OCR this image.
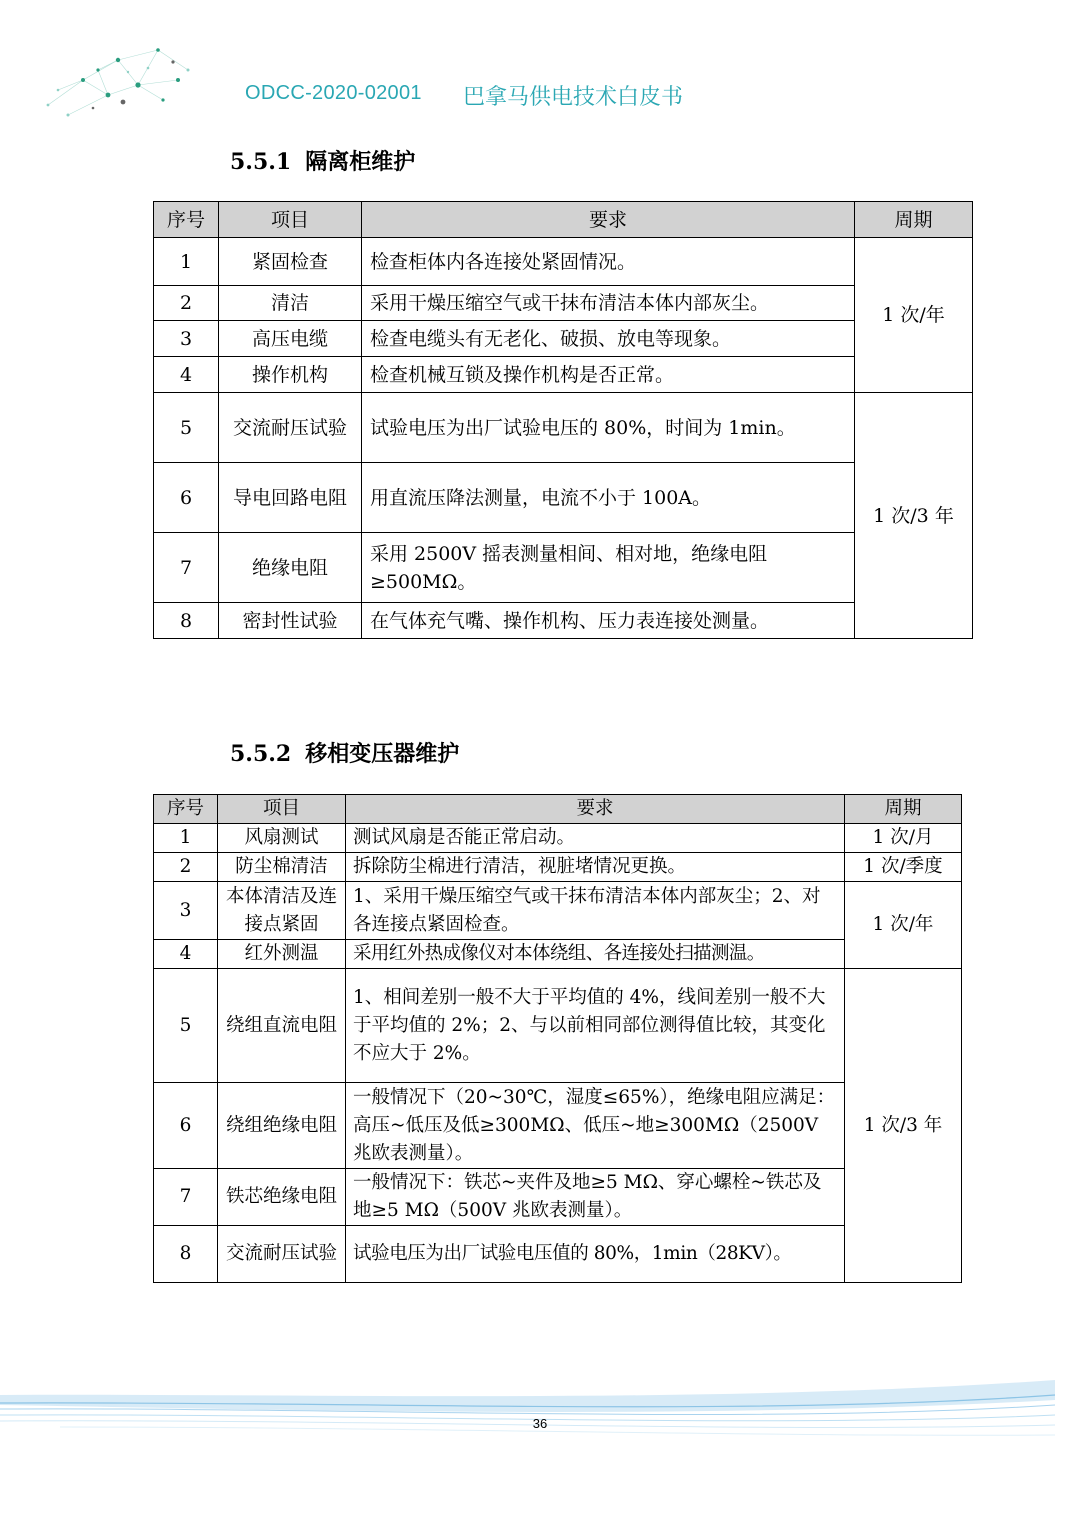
ODCC-2020-02001 巴拿马供电技术白皮书
5.5.1 隔离柜维护
序号	项目	要求	周期
1	紧固检查	检查柜体内各连接处紧固情况。	1 次/年
2	清洁	采用干燥压缩空气或干抹布清洁本体内部灰尘。	
3	高压电缆	检查电缆头有无老化、破损、放电等现象。	
4	操作机构	检查机械互锁及操作机构是否正常。	
5	交流耐压试验	试验电压为出厂试验电压的 80%，时间为 1min。	1 次/3 年
6	导电回路电阻	用直流压降法测量，电流不小于 100A。	
7	绝缘电阻	采用 2500V 摇表测量相间、相对地，绝缘电阻≥500MΩ。	
8	密封性试验	在气体充气嘴、操作机构、压力表连接处测量。	
5.5.2 移相变压器维护
序号	项目	要求	周期
1	风扇测试	测试风扇是否能正常启动。	1 次/月
2	防尘棉清洁	拆除防尘棉进行清洁，视脏堵情况更换。	1 次/季度
3	本体清洁及连接点紧固	1、采用干燥压缩空气或干抹布清洁本体内部灰尘；2、对各连接点紧固检查。	1 次/年
4	红外测温	采用红外热成像仪对本体绕组、各连接处扫描测温。	
5	绕组直流电阻	1、相间差别一般不大于平均值的 4%，线间差别一般不大于平均值的 2%；2、与以前相同部位测得值比较，其变化不应大于 2%。	1 次/3 年
6	绕组绝缘电阻	一般情况下（20~30℃，湿度≤65%），绝缘电阻应满足：高压~低压及低≥300MΩ、低压~地≥300MΩ（2500V 兆欧表测量）。	
7	铁芯绝缘电阻	一般情况下：铁芯~夹件及地≥5 MΩ、穿心螺栓~铁芯及地≥5 MΩ（500V 兆欧表测量）。	
8	交流耐压试验	试验电压为出厂试验电压值的 80%，1min（28KV）。	
36
